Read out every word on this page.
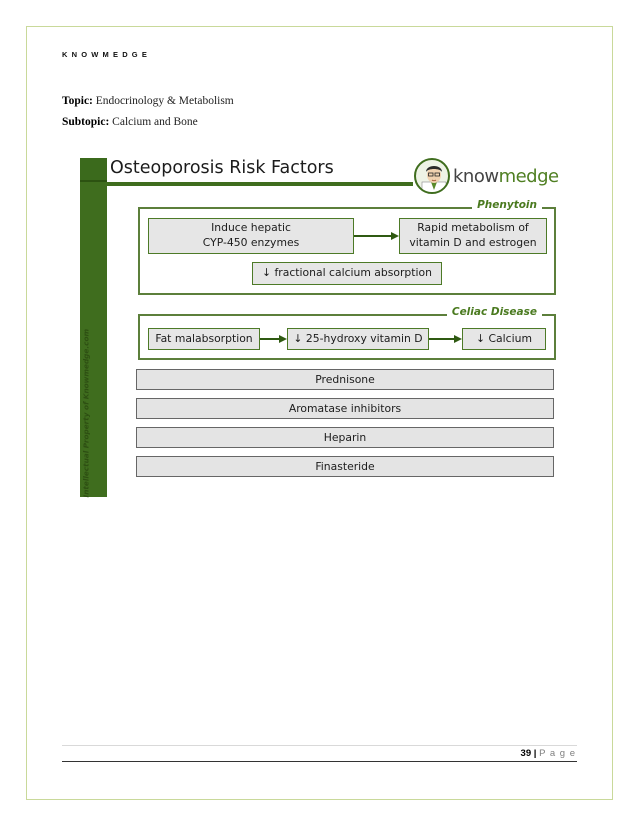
KNOWMEDGE
Topic: Endocrinology & Metabolism
Subtopic: Calcium and Bone
Intellectual Property of Knowmedge.com
Osteoporosis Risk Factors	knowmedge
Phenytoin
Induce hepatic
CYP-450 enzymes
Rapid metabolism of
vitamin D and estrogen
↓ fractional calcium absorption
Celiac Disease
Fat malabsorption	↓ 25-hydroxy vitamin D	↓ Calcium
Prednisone
Aromatase inhibitors
Heparin
Finasteride
39 | P a g e
